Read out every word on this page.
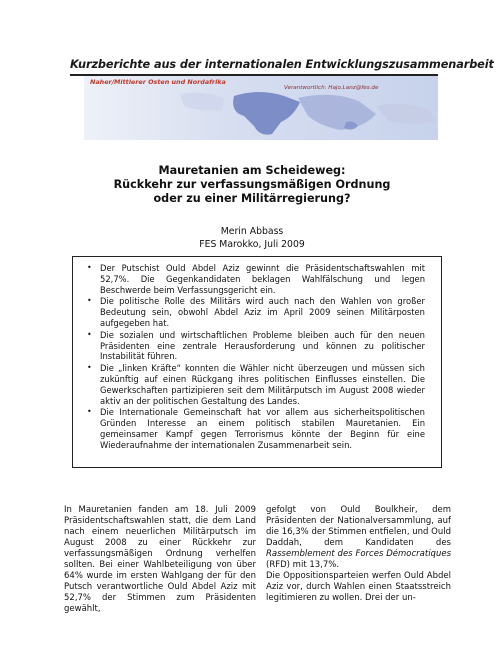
Kurzberichte aus der internationalen Entwicklungszusammenarbeit
Naher/Mittlerer Osten und Nordafrika
Verantwortlich: Hajo.Lanz@fes.de
Mauretanien am Scheideweg:
Rückkehr zur verfassungsmäßigen Ordnung
oder zu einer Militärregierung?
Merin Abbass
FES Marokko, Juli 2009
• Der Putschist Ould Abdel Aziz gewinnt die Präsidentschaftswahlen mit 52,7%. Die Gegenkandidaten beklagen Wahlfälschung und legen Beschwerde beim Verfassungsgericht ein.
• Die politische Rolle des Militärs wird auch nach den Wahlen von großer Bedeutung sein, obwohl Abdel Aziz im April 2009 seinen Militärposten aufgegeben hat.
• Die sozialen und wirtschaftlichen Probleme bleiben auch für den neuen Präsidenten eine zentrale Herausforderung und können zu politischer Instabilität führen.
• Die „linken Kräfte“ konnten die Wähler nicht überzeugen und müssen sich zukünftig auf einen Rückgang ihres politischen Einflusses einstellen. Die Gewerkschaften partizipieren seit dem Militärputsch im August 2008 wieder aktiv an der politischen Gestaltung des Landes.
• Die Internationale Gemeinschaft hat vor allem aus sicherheitspolitischen Gründen Interesse an einem politisch stabilen Mauretanien. Ein gemeinsamer Kampf gegen Terrorismus könnte der Beginn für eine Wiederaufnahme der internationalen Zusammenarbeit sein.
In Mauretanien fanden am 18. Juli 2009 Präsidentschaftswahlen statt, die dem Land nach einem neuerlichen Militärputsch im August 2008 zu einer Rückkehr zur verfassungsmäßigen Ordnung verhelfen sollten. Bei einer Wahlbeteiligung von über 64% wurde im ersten Wahlgang der für den Putsch verantwortliche Ould Abdel Aziz mit 52,7% der Stimmen zum Präsidenten gewählt,
gefolgt von Ould Boulkheir, dem Präsidenten der Nationalversammlung, auf die 16,3% der Stimmen entfielen, und Ould Daddah, dem Kandidaten des Rassemblement des Forces Démocratiques (RFD) mit 13,7%.
Die Oppositionsparteien werfen Ould Abdel Aziz vor, durch Wahlen einen Staatsstreich legitimieren zu wollen. Drei der un-
